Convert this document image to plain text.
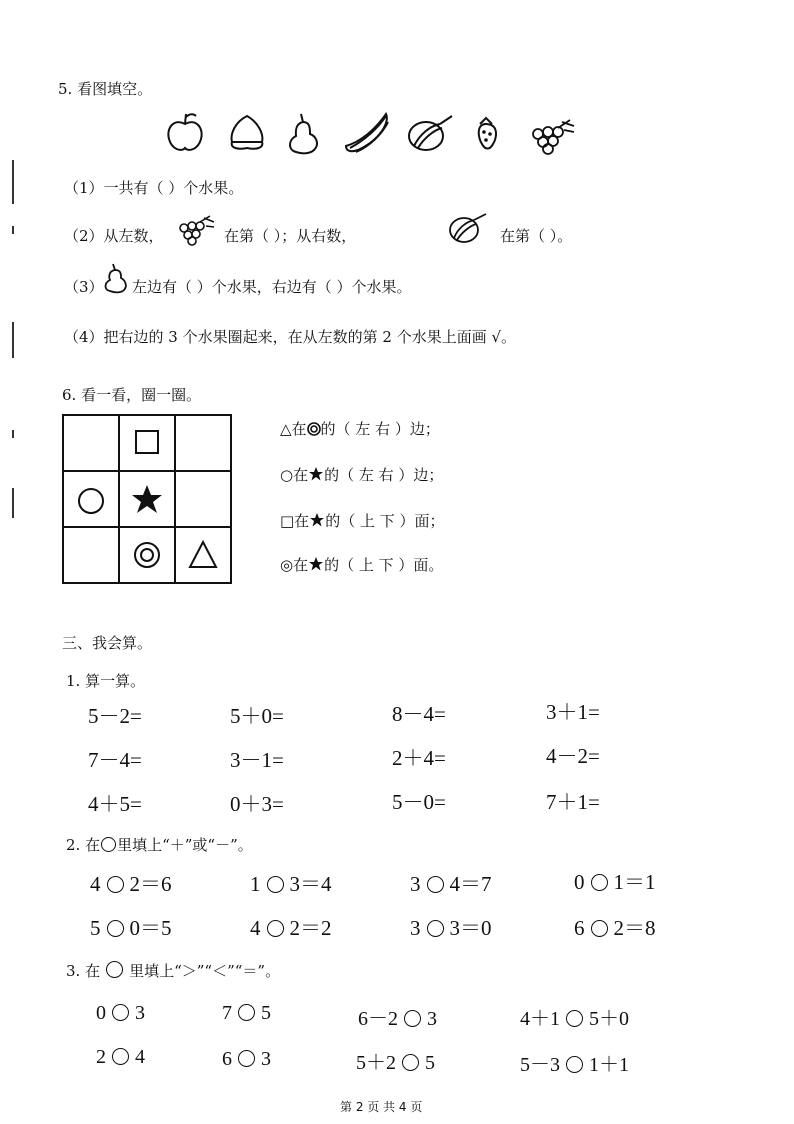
5. 看图填空。
（1）一共有（ ）个水果。
（2）从左数，	在第（ ）；从右数，	在第（ ）。
（3） 左边有（ ）个水果，右边有（ ）个水果。
（4）把右边的 3 个水果圈起来，在从左数的第 2 个水果上面画 √。
6. 看一看，圈一圈。
△在 的（ 左 右 ）边；
○在 的（ 左 右 ）边；
□在 的（ 上 下 ）面；
◎在 的（ 上 下 ）面。
三、我会算。
1. 算一算。
5－2=	5＋0=	8－4=	3＋1=
7－4=	3－1=	2＋4=	4－2=
4＋5=	0＋3=	5－0=	7＋1=
2. 在 里填上“＋”或“－”。
4 2＝6	1 3＝4	3 4＝7	0 1＝1
5 0＝5	4 2＝2	3 3＝0	6 2＝8
3. 在 里填上“＞”“＜”“＝”。
0 3	7 5	6－2 3	4＋1 5＋0
2 4	6 3	5＋2 5	5－3 1＋1
第 2 页 共 4 页
